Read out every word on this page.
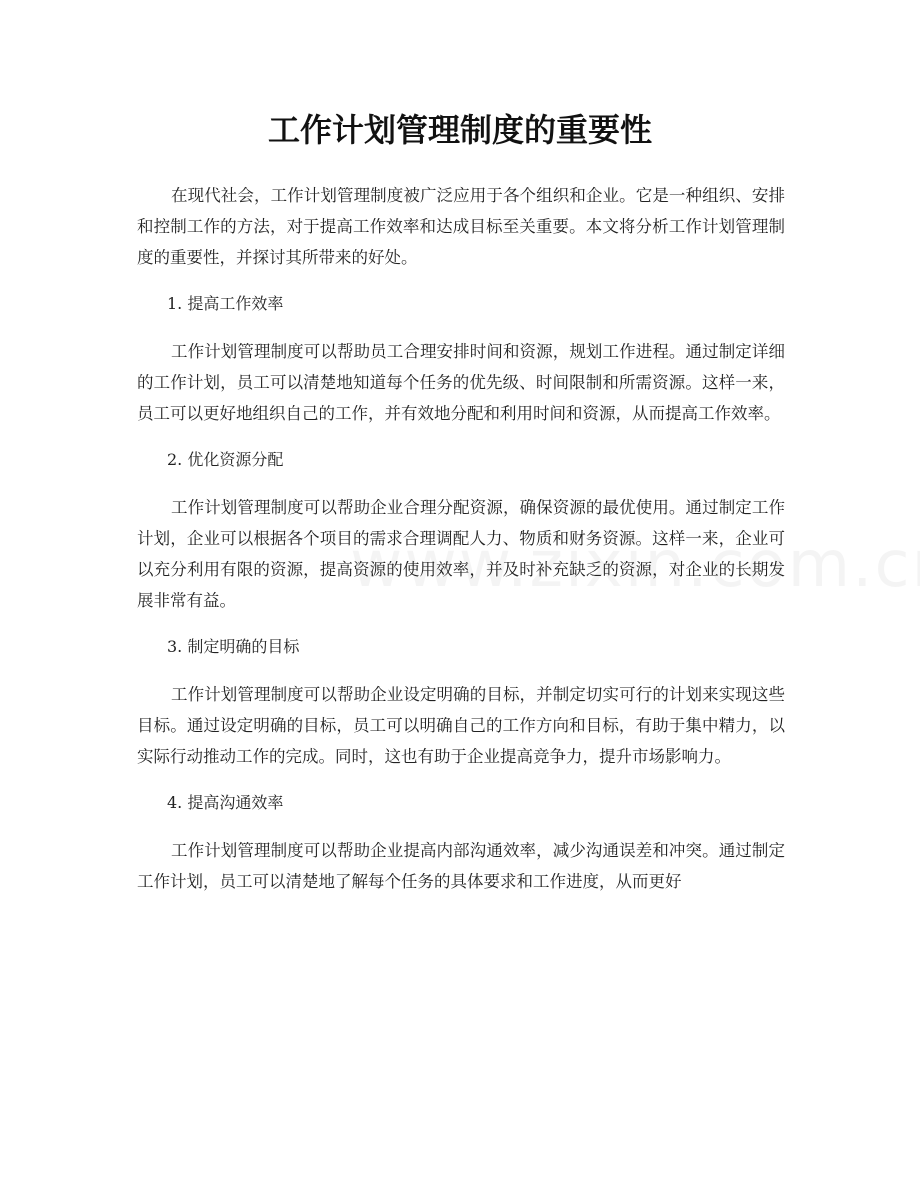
工作计划管理制度的重要性

在现代社会，工作计划管理制度被广泛应用于各个组织和企业。它是一种组织、安排和控制工作的方法，对于提高工作效率和达成目标至关重要。本文将分析工作计划管理制度的重要性，并探讨其所带来的好处。

1. 提高工作效率

工作计划管理制度可以帮助员工合理安排时间和资源，规划工作进程。通过制定详细的工作计划，员工可以清楚地知道每个任务的优先级、时间限制和所需资源。这样一来，员工可以更好地组织自己的工作，并有效地分配和利用时间和资源，从而提高工作效率。

2. 优化资源分配

工作计划管理制度可以帮助企业合理分配资源，确保资源的最优使用。通过制定工作计划，企业可以根据各个项目的需求合理调配人力、物质和财务资源。这样一来，企业可以充分利用有限的资源，提高资源的使用效率，并及时补充缺乏的资源，对企业的长期发展非常有益。

3. 制定明确的目标

工作计划管理制度可以帮助企业设定明确的目标，并制定切实可行的计划来实现这些目标。通过设定明确的目标，员工可以明确自己的工作方向和目标，有助于集中精力，以实际行动推动工作的完成。同时，这也有助于企业提高竞争力，提升市场影响力。

4. 提高沟通效率

工作计划管理制度可以帮助企业提高内部沟通效率，减少沟通误差和冲突。通过制定工作计划，员工可以清楚地了解每个任务的具体要求和工作进度，从而更好
